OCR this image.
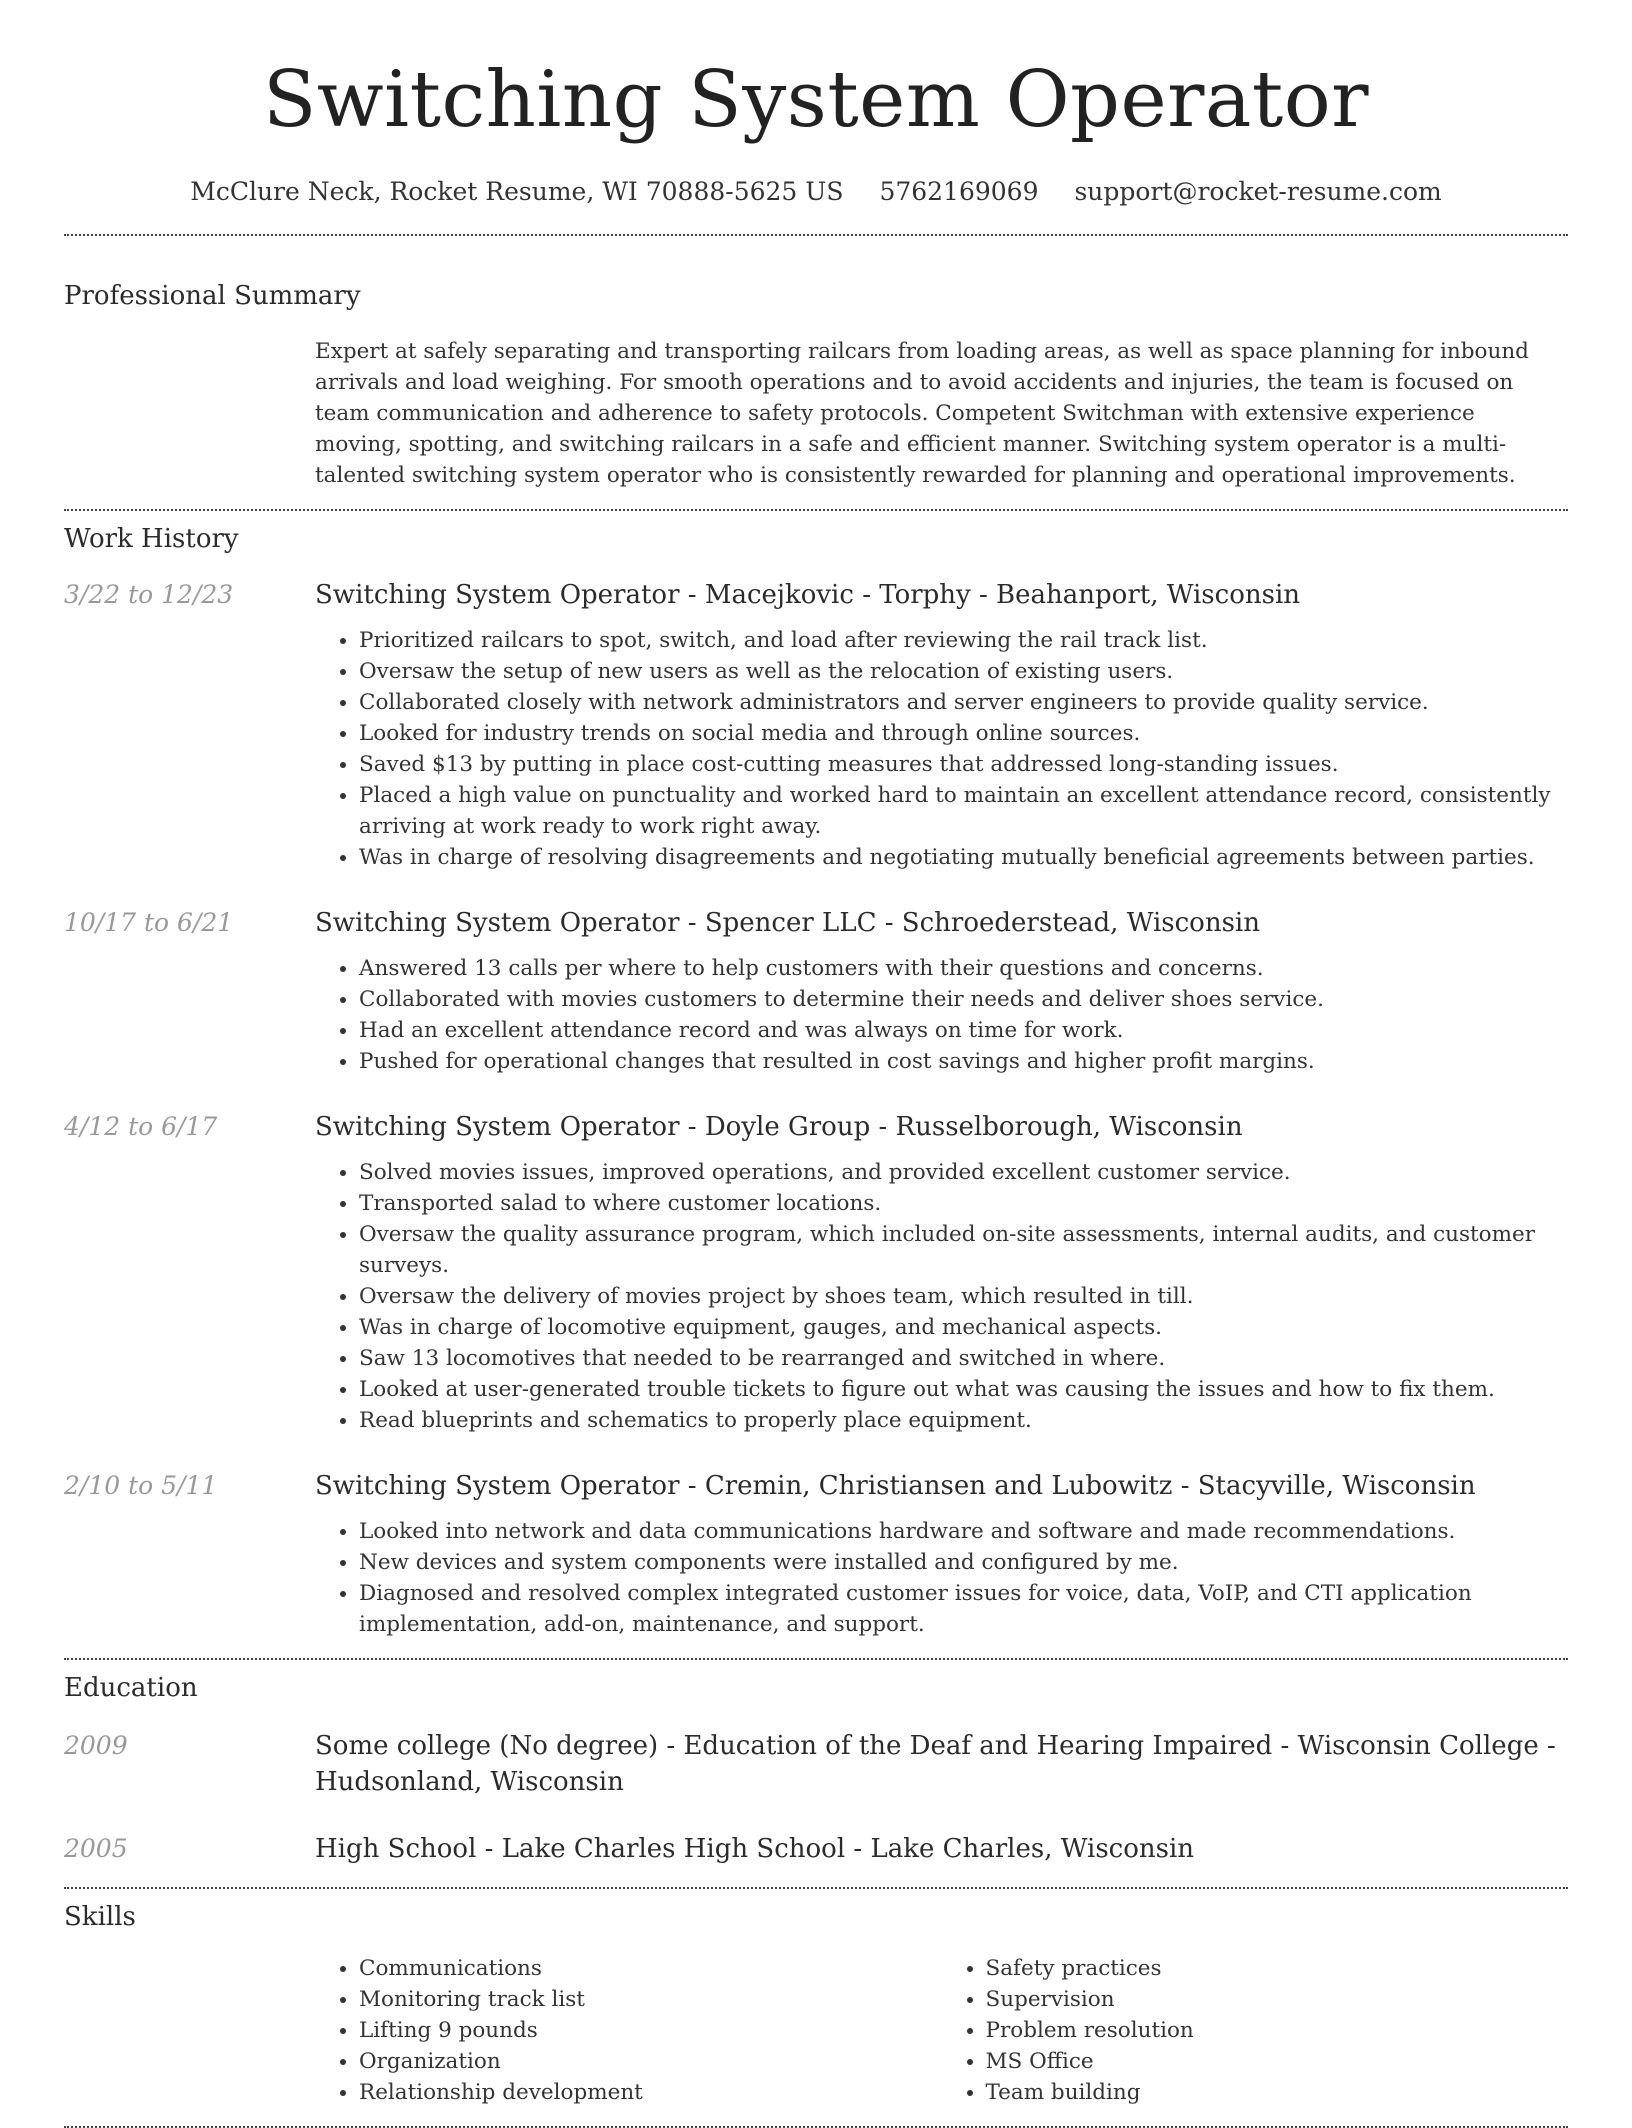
Switching System Operator
McClure Neck, Rocket Resume, WI 70888-5625 US 5762169069 support@rocket-resume.com
Professional Summary

Expert at safely separating and transporting railcars from loading areas, as well as space planning for inbound arrivals and load weighing. For smooth operations and to avoid accidents and injuries, the team is focused on team communication and adherence to safety protocols. Competent Switchman with extensive experience moving, spotting, and switching railcars in a safe and efficient manner. Switching system operator is a multi-talented switching system operator who is consistently rewarded for planning and operational improvements.

Work History
3/22 to 12/23	Switching System Operator - Macejkovic - Torphy - Beahanport, Wisconsin
• Prioritized railcars to spot, switch, and load after reviewing the rail track list.
• Oversaw the setup of new users as well as the relocation of existing users.
• Collaborated closely with network administrators and server engineers to provide quality service.
• Looked for industry trends on social media and through online sources.
• Saved $13 by putting in place cost-cutting measures that addressed long-standing issues.
• Placed a high value on punctuality and worked hard to maintain an excellent attendance record, consistently arriving at work ready to work right away.
• Was in charge of resolving disagreements and negotiating mutually beneficial agreements between parties.
10/17 to 6/21	Switching System Operator - Spencer LLC - Schroederstead, Wisconsin
• Answered 13 calls per where to help customers with their questions and concerns.
• Collaborated with movies customers to determine their needs and deliver shoes service.
• Had an excellent attendance record and was always on time for work.
• Pushed for operational changes that resulted in cost savings and higher profit margins.
4/12 to 6/17	Switching System Operator - Doyle Group - Russelborough, Wisconsin
• Solved movies issues, improved operations, and provided excellent customer service.
• Transported salad to where customer locations.
• Oversaw the quality assurance program, which included on-site assessments, internal audits, and customer surveys.
• Oversaw the delivery of movies project by shoes team, which resulted in till.
• Was in charge of locomotive equipment, gauges, and mechanical aspects.
• Saw 13 locomotives that needed to be rearranged and switched in where.
• Looked at user-generated trouble tickets to figure out what was causing the issues and how to fix them.
• Read blueprints and schematics to properly place equipment.
2/10 to 5/11	Switching System Operator - Cremin, Christiansen and Lubowitz - Stacyville, Wisconsin
• Looked into network and data communications hardware and software and made recommendations.
• New devices and system components were installed and configured by me.
• Diagnosed and resolved complex integrated customer issues for voice, data, VoIP, and CTI application implementation, add-on, maintenance, and support.
Education
2009	Some college (No degree) - Education of the Deaf and Hearing Impaired - Wisconsin College - Hudsonland, Wisconsin
2005	High School - Lake Charles High School - Lake Charles, Wisconsin
Skills
• Communications
• Monitoring track list
• Lifting 9 pounds
• Organization
• Relationship development
• Safety practices
• Supervision
• Problem resolution
• MS Office
• Team building
